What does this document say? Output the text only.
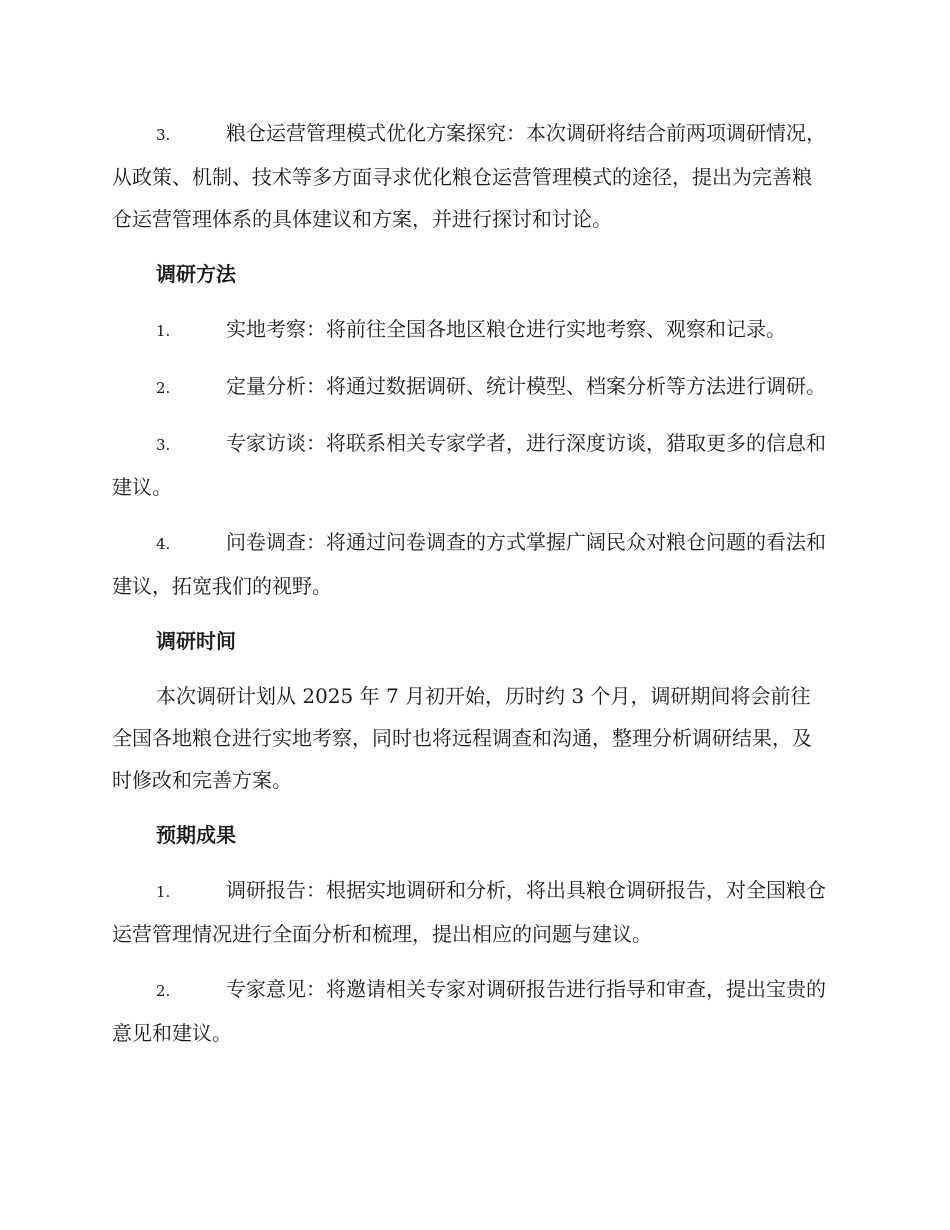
3.	粮仓运营管理模式优化方案探究：本次调研将结合前两项调研情况，从政策、机制、技术等多方面寻求优化粮仓运营管理模式的途径，提出为完善粮仓运营管理体系的具体建议和方案，并进行探讨和讨论。

调研方法

1.	实地考察：将前往全国各地区粮仓进行实地考察、观察和记录。

2.	定量分析：将通过数据调研、统计模型、档案分析等方法进行调研。

3.	专家访谈：将联系相关专家学者，进行深度访谈，猎取更多的信息和建议。

4.	问卷调查：将通过问卷调查的方式掌握广阔民众对粮仓问题的看法和建议，拓宽我们的视野。

调研时间

本次调研计划从 2025 年 7 月初开始，历时约 3 个月，调研期间将会前往全国各地粮仓进行实地考察，同时也将远程调查和沟通，整理分析调研结果，及时修改和完善方案。

预期成果

1.	调研报告：根据实地调研和分析，将出具粮仓调研报告，对全国粮仓运营管理情况进行全面分析和梳理，提出相应的问题与建议。

2.	专家意见：将邀请相关专家对调研报告进行指导和审查，提出宝贵的意见和建议。
